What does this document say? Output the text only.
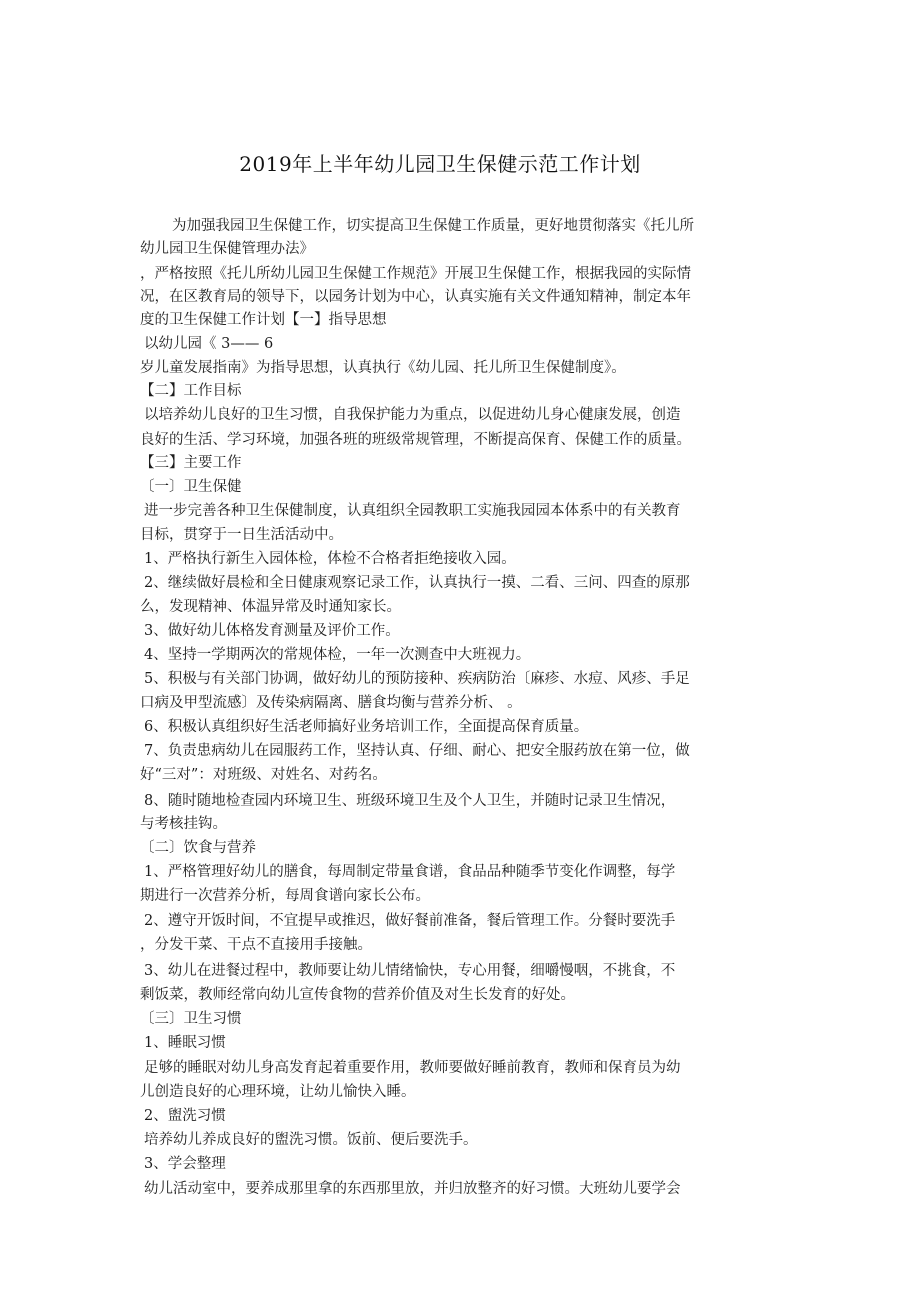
2019年上半年幼儿园卫生保健示范工作计划
为加强我园卫生保健工作，切实提高卫生保健工作质量，更好地贯彻落实《托儿所
幼儿园卫生保健管理办法》
，严格按照《托儿所幼儿园卫生保健工作规范》开展卫生保健工作，根据我园的实际情
况，在区教育局的领导下，以园务计划为中心，认真实施有关文件通知精神，制定本年
度的卫生保健工作计划【一】指导思想
以幼儿园《 3—— 6
岁儿童发展指南》为指导思想，认真执行《幼儿园、托儿所卫生保健制度》。
【二】工作目标
以培养幼儿良好的卫生习惯，自我保护能力为重点，以促进幼儿身心健康发展，创造
良好的生活、学习环境，加强各班的班级常规管理，不断提高保育、保健工作的质量。
【三】主要工作
〔一〕卫生保健
进一步完善各种卫生保健制度，认真组织全园教职工实施我园园本体系中的有关教育
目标，贯穿于一日生活活动中。
1、严格执行新生入园体检，体检不合格者拒绝接收入园。
2、继续做好晨检和全日健康观察记录工作，认真执行一摸、二看、三问、四查的原那
么，发现精神、体温异常及时通知家长。
3、做好幼儿体格发育测量及评价工作。
4、坚持一学期两次的常规体检，一年一次测查中大班视力。
5、积极与有关部门协调，做好幼儿的预防接种、疾病防治〔麻疹、水痘、风疹、手足
口病及甲型流感〕及传染病隔离、膳食均衡与营养分析、 。
6、积极认真组织好生活老师搞好业务培训工作，全面提高保育质量。
7、负责患病幼儿在园服药工作，坚持认真、仔细、耐心、把安全服药放在第一位，做
好“三对”：对班级、对姓名、对药名。
8、随时随地检查园内环境卫生、班级环境卫生及个人卫生，并随时记录卫生情况，
与考核挂钩。
〔二〕饮食与营养
1、严格管理好幼儿的膳食，每周制定带量食谱，食品品种随季节变化作调整，每学
期进行一次营养分析，每周食谱向家长公布。
2、遵守开饭时间，不宜提早或推迟，做好餐前准备，餐后管理工作。分餐时要洗手
，分发干菜、干点不直接用手接触。
3、幼儿在进餐过程中，教师要让幼儿情绪愉快，专心用餐，细嚼慢咽，不挑食，不
剩饭菜，教师经常向幼儿宣传食物的营养价值及对生长发育的好处。
〔三〕卫生习惯
1、睡眠习惯
足够的睡眠对幼儿身高发育起着重要作用，教师要做好睡前教育，教师和保育员为幼
儿创造良好的心理环境，让幼儿愉快入睡。
2、盥洗习惯
培养幼儿养成良好的盥洗习惯。饭前、便后要洗手。
3、学会整理
幼儿活动室中，要养成那里拿的东西那里放，并归放整齐的好习惯。大班幼儿要学会
